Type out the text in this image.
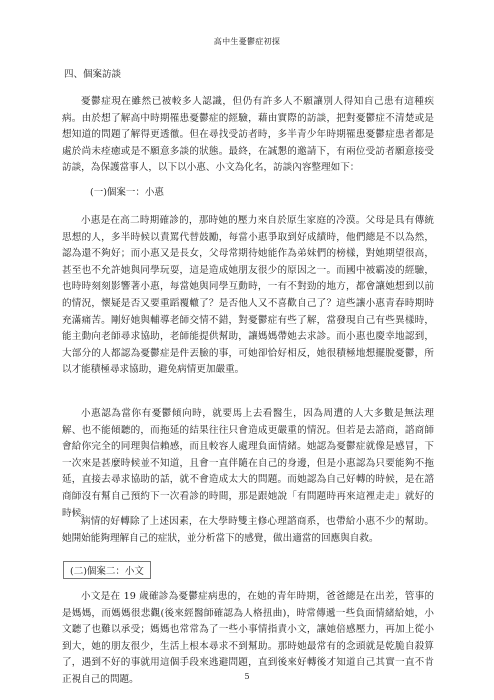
高中生憂鬱症初探
四、個案訪談

憂鬱症現在雖然已被較多人認識，但仍有許多人不願讓別人得知自己患有這種疾病。由於想了解高中時期罹患憂鬱症的經驗，藉由實際的訪談，把對憂鬱症不清楚或是想知道的問題了解得更透徹。但在尋找受訪者時，多半青少年時期罹患憂鬱症患者都是處於尚未痊癒或是不願意多談的狀態。最終，在誠懇的邀請下，有兩位受訪者願意接受訪談，為保護當事人，以下以小惠、小文為化名，訪談內容整理如下：

(一)個案一：小惠

小惠是在高二時期確診的，那時她的壓力來自於原生家庭的冷漠。父母是具有傳統思想的人，多半時候以責罵代替鼓勵，每當小惠爭取到好成績時，他們總是不以為然，認為還不夠好；而小惠又是長女，父母常期待她能作為弟妹們的榜樣，對她期望很高，甚至也不允許她與同學玩耍，這是造成她朋友很少的原因之一。而國中被霸凌的經驗，也時時刻刻影響著小惠，每當她與同學互動時，一有不對勁的地方，都會讓她想到以前的情況，懷疑是否又要重蹈覆轍了？是否他人又不喜歡自己了？這些讓小惠青春時期時充滿痛苦。剛好她與輔導老師交情不錯，對憂鬱症有些了解，當發現自己有些異樣時，能主動向老師尋求協助，老師能提供幫助，讓媽媽帶她去求診。而小惠也慶幸地認到，大部分的人都認為憂鬱症是件丟臉的事，可她卻恰好相反，她很積極地想擺脫憂鬱，所以才能積極尋求協助，避免病情更加嚴重。

小惠認為當你有憂鬱傾向時，就要馬上去看醫生，因為周遭的人大多數是無法理解、也不能傾聽的，而拖延的結果往往只會造成更嚴重的情況。但若是去諮商，諮商師會給你完全的同理與信賴感，而且較容人處理負面情緒。她認為憂鬱症就像是感冒，下一次來是甚麼時候並不知道，且會一直伴隨在自己的身邊，但是小惠認為只要能夠不拖延，直接去尋求協助的話，就不會造成太大的問題。而她認為自己好轉的時候，是在諮商師沒有幫自己預約下一次看診的時間，那是跟她說「有問題時再來這裡走走」就好的時候。

病情的好轉除了上述因素，在大學時雙主修心理諮商系，也帶給小惠不少的幫助。她開始能夠理解自己的症狀，並分析當下的感覺，做出適當的回應與自救。

(二)個案二：小文

小文是在 19 歲確診為憂鬱症病患的，在她的青年時期，爸爸總是在出差，管事的是媽媽，而媽媽很悲觀(後來經醫師確認為人格扭曲)，時常傳遞一些負面情緒給她，小文聽了也難以承受；媽媽也常常為了一些小事情指責小文，讓她倍感壓力，再加上從小到大，她的朋友很少，生活上根本尋求不到幫助。那時她最常有的念頭就是乾脆自殺算了，遇到不好的事就用這個手段來逃避問題，直到後來好轉後才知道自己其實一直不肯正視自己的問題。	5
